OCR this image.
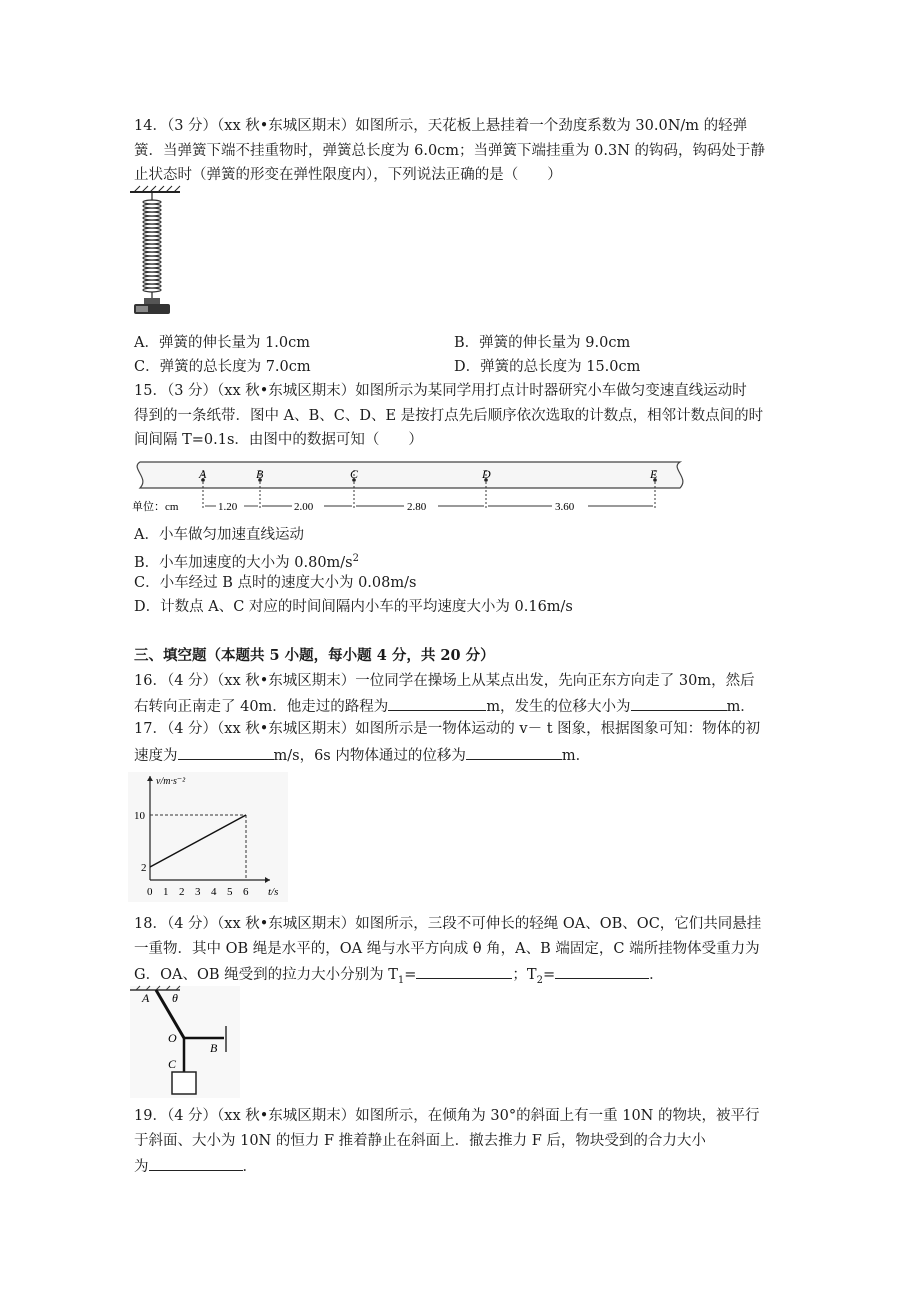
14．（3 分）（xx 秋•东城区期末）如图所示，天花板上悬挂着一个劲度系数为 30.0N/m 的轻弹
簧．当弹簧下端不挂重物时，弹簧总长度为 6.0cm；当弹簧下端挂重为 0.3N 的钩码，钩码处于静
止状态时（弹簧的形变在弹性限度内），下列说法正确的是（　　）
A．弹簧的伸长量为 1.0cm	B．弹簧的伸长量为 9.0cm
C．弹簧的总长度为 7.0cm	D．弹簧的总长度为 15.0cm
15．（3 分）（xx 秋•东城区期末）如图所示为某同学用打点计时器研究小车做匀变速直线运动时
得到的一条纸带．图中 A、B、C、D、E 是按打点先后顺序依次选取的计数点，相邻计数点间的时
间间隔 T=0.1s．由图中的数据可知（　　）
A	B	C	D	E
单位：cm	1.20	2.00	2.80	3.60
A．小车做匀加速直线运动
B．小车加速度的大小为 $0.80m/s^2$
C．小车经过 B 点时的速度大小为 0.08m/s
D．计数点 A、C 对应的时间间隔内小车的平均速度大小为 0.16m/s
三、填空题（本题共 5 小题，每小题 4 分，共 20 分）
16．（4 分）（xx 秋•东城区期末）一位同学在操场上从某点出发，先向正东方向走了 30m，然后
右转向正南走了 40m．他走过的路程为	m，发生的位移大小为	m．
17．（4 分）（xx 秋•东城区期末）如图所示是一物体运动的 v－ t 图象，根据图象可知：物体的初
速度为	m/s，6s 内物体通过的位移为	m．
0 1 2 3 4 5 6
2
10
v/m·s⁻²
t/s
18．（4 分）（xx 秋•东城区期末）如图所示，三段不可伸长的轻绳 OA、OB、OC，它们共同悬挂
一重物．其中 OB 绳是水平的，OA 绳与水平方向成 θ 角，A、B 端固定，C 端所挂物体受重力为
G．OA、OB 绳受到的拉力大小分别为 $T_1=$	；$T_2=$	．
A θ
O
B
C
19．（4 分）（xx 秋•东城区期末）如图所示，在倾角为 30°的斜面上有一重 10N 的物块，被平行
于斜面、大小为 10N 的恒力 F 推着静止在斜面上．撤去推力 F 后，物块受到的合力大小
为	．
